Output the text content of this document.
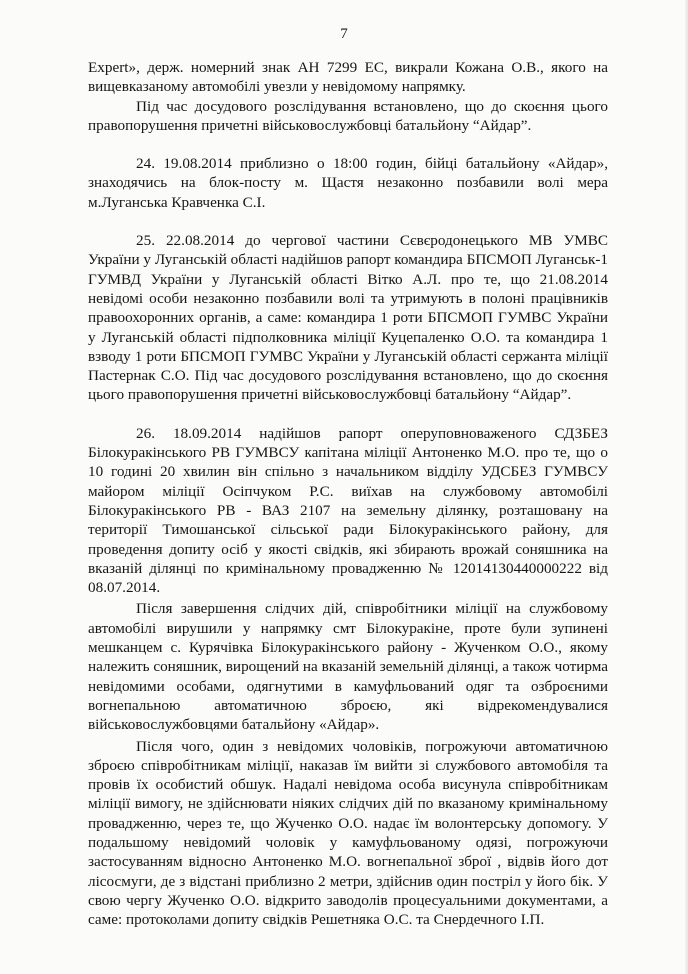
7

Expert», держ. номерний знак АН 7299 ЕС, викрали Кожана О.В., якого на вищевказаному автомобілі увезли у невідомому напрямку.

Під час досудового розслідування встановлено, що до скоєння цього правопорушення причетні військовослужбовці батальйону “Айдар”.

24. 19.08.2014 приблизно о 18:00 годин, бійці батальйону «Айдар», знаходячись на блок-посту м. Щастя незаконно позбавили волі мера м.Луганська Кравченка С.І.

25. 22.08.2014 до чергової частини Сєвєродонецького МВ УМВС України у Луганській області надійшов рапорт командира БПСМОП Луганськ-1 ГУМВД України у Луганській області Вітко А.Л. про те, що 21.08.2014 невідомі особи незаконно позбавили волі та утримують в полоні працівників правоохоронних органів, а саме: командира 1 роти БПСМОП ГУМВС України у Луганській області підполковника міліції Куцепаленко О.О. та командира 1 взводу 1 роти БПСМОП ГУМВС України у Луганській області сержанта міліції Пастернак С.О. Під час досудового розслідування встановлено, що до скоєння цього правопорушення причетні військовослужбовці батальйону “Айдар”.

26. 18.09.2014 надійшов рапорт оперуповноваженого СДЗБЕЗ Білокуракінського РВ ГУМВСУ капітана міліції Антоненко М.О. про те, що о 10 годині 20 хвилин він спільно з начальником відділу УДСБЕЗ ГУМВСУ майором міліції Осіпчуком Р.С. виїхав на службовому автомобілі Білокуракінського РВ - ВАЗ 2107 на земельну ділянку, розташовану на території Тимошанської сільської ради Білокуракінського району, для проведення допиту осіб у якості свідків, які збирають врожай соняшника на вказаній ділянці по кримінальному провадженню № 12014130440000222 від 08.07.2014.

Після завершення слідчих дій, співробітники міліції на службовому автомобілі вирушили у напрямку смт Білокуракіне, проте були зупинені мешканцем с. Курячівка Білокуракінського району - Жученком О.О., якому належить соняшник, вирощений на вказаній земельній ділянці, а також чотирма невідомими особами, одягнутими в камуфльований одяг та озброєними вогнепальною автоматичною зброєю, які відрекомендувалися військовослужбовцями батальйону «Айдар».

Після чого, один з невідомих чоловіків, погрожуючи автоматичною зброєю співробітникам міліції, наказав їм вийти зі службового автомобіля та провів їх особистий обшук. Надалі невідома особа висунула співробітникам міліції вимогу, не здійснювати ніяких слідчих дій по вказаному кримінальному провадженню, через те, що Жученко О.О. надає їм волонтерську допомогу. У подальшому невідомий чоловік у камуфльованому одязі, погрожуючи застосуванням відносно Антоненко М.О. вогнепальної зброї , відвів його дот лісосмуги, де з відстані приблизно 2 метри, здійснив один постріл у його бік. У свою чергу Жученко О.О. відкрито заводолів процесуальними документами, а саме: протоколами допиту свідків Решетняка О.С. та Снердечного І.П.
